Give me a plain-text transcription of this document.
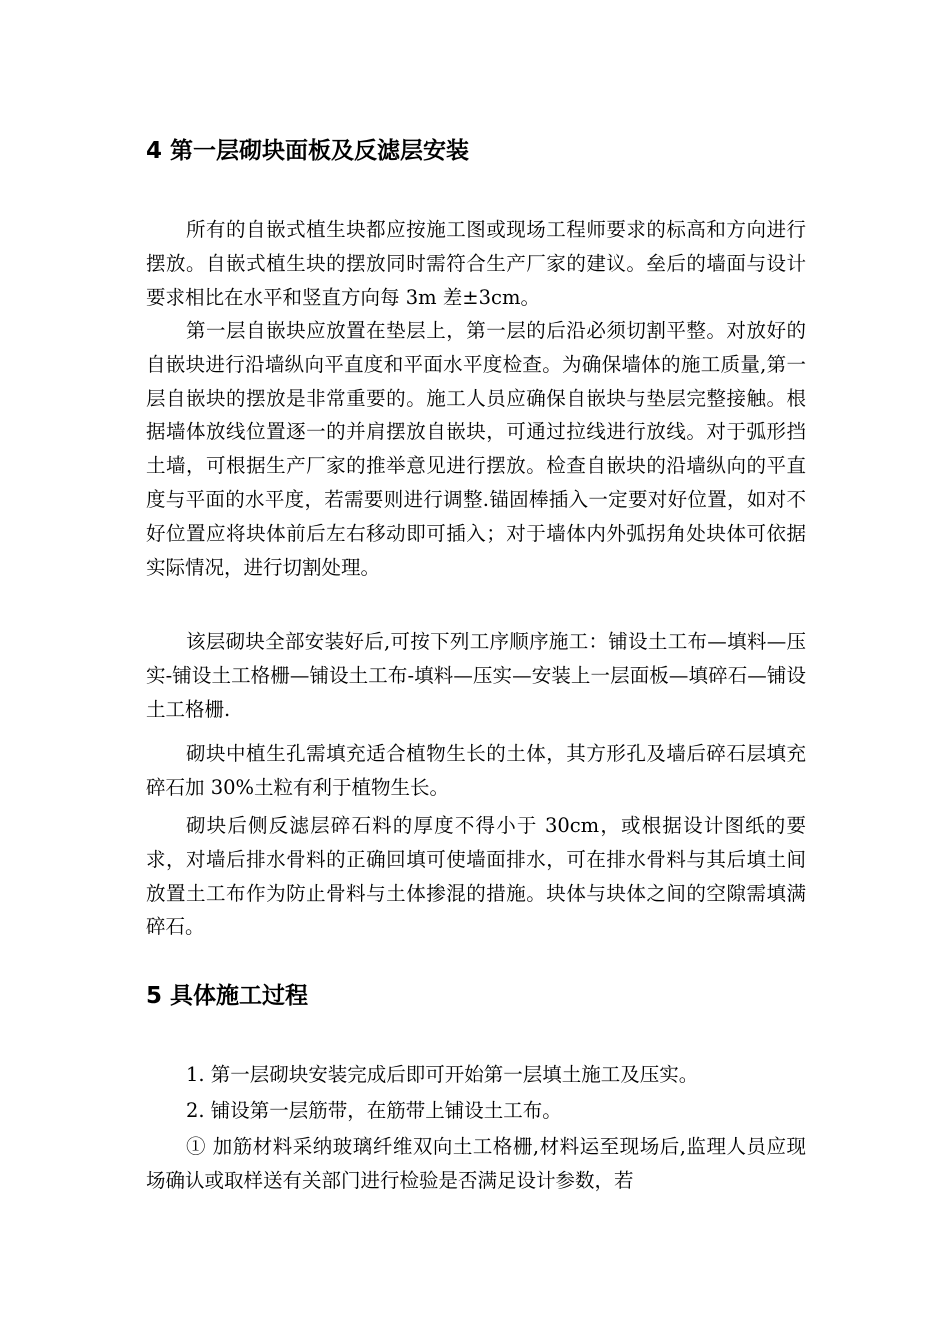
4 第一层砌块面板及反滤层安装

所有的自嵌式植生块都应按施工图或现场工程师要求的标高和方向进行摆放。自嵌式植生块的摆放同时需符合生产厂家的建议。垒后的墙面与设计要求相比在水平和竖直方向每 3m 差±3cm。

第一层自嵌块应放置在垫层上，第一层的后沿必须切割平整。对放好的自嵌块进行沿墙纵向平直度和平面水平度检查。为确保墙体的施工质量,第一层自嵌块的摆放是非常重要的。施工人员应确保自嵌块与垫层完整接触。根据墙体放线位置逐一的并肩摆放自嵌块，可通过拉线进行放线。对于弧形挡土墙，可根据生产厂家的推举意见进行摆放。检查自嵌块的沿墙纵向的平直度与平面的水平度，若需要则进行调整.锚固棒插入一定要对好位置，如对不好位置应将块体前后左右移动即可插入；对于墙体内外弧拐角处块体可依据实际情况，进行切割处理。

该层砌块全部安装好后,可按下列工序顺序施工：铺设土工布—填料—压实-铺设土工格栅—铺设土工布-填料—压实—安装上一层面板—填碎石—铺设土工格栅.

砌块中植生孔需填充适合植物生长的土体，其方形孔及墙后碎石层填充碎石加 30%土粒有利于植物生长。

砌块后侧反滤层碎石料的厚度不得小于 30cm，或根据设计图纸的要求，对墙后排水骨料的正确回填可使墙面排水，可在排水骨料与其后填土间放置土工布作为防止骨料与土体掺混的措施。块体与块体之间的空隙需填满碎石。

5 具体施工过程

1. 第一层砌块安装完成后即可开始第一层填土施工及压实。

2. 铺设第一层筋带，在筋带上铺设土工布。

① 加筋材料采纳玻璃纤维双向土工格栅,材料运至现场后,监理人员应现场确认或取样送有关部门进行检验是否满足设计参数，若
